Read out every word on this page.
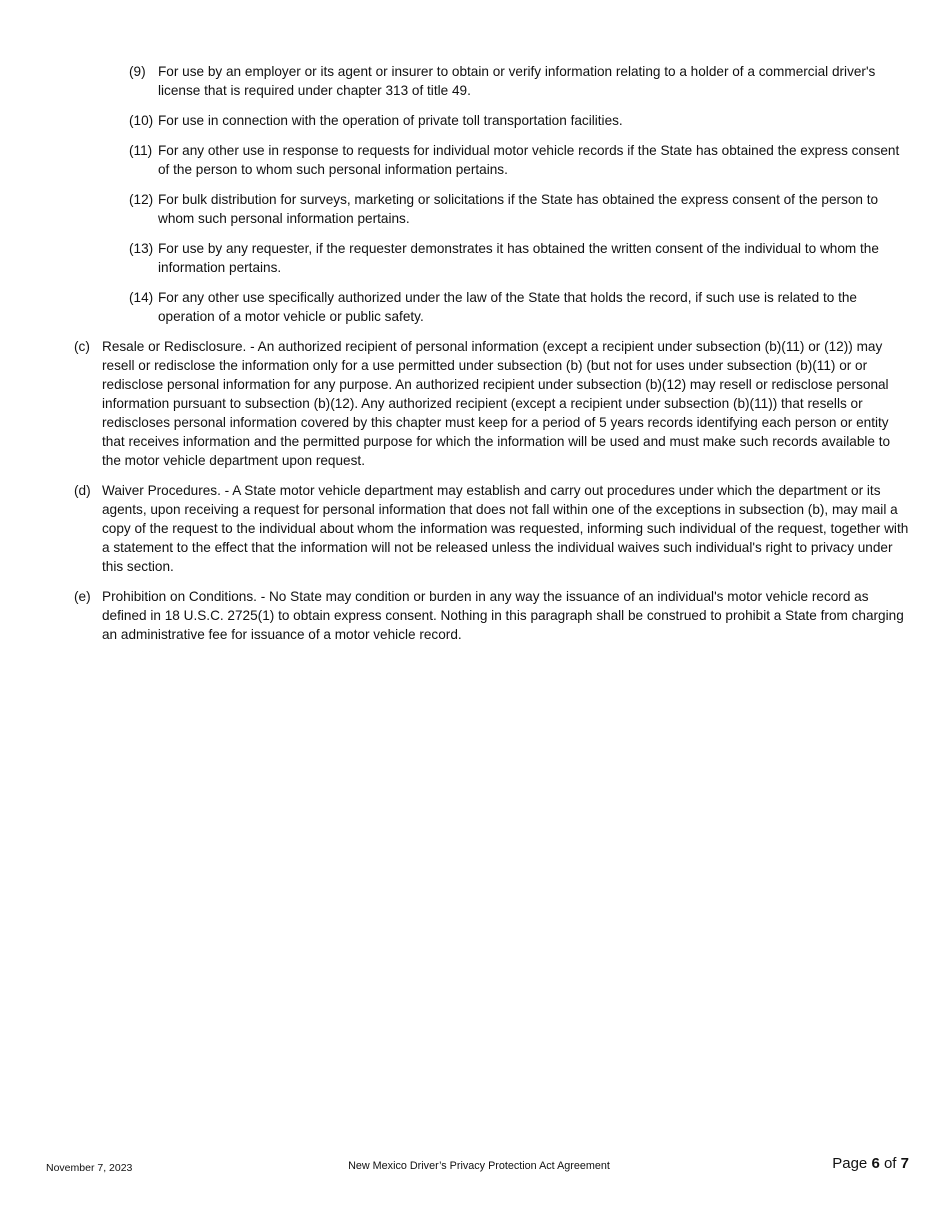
(9) For use by an employer or its agent or insurer to obtain or verify information relating to a holder of a commercial driver's license that is required under chapter 313 of title 49.
(10) For use in connection with the operation of private toll transportation facilities.
(11) For any other use in response to requests for individual motor vehicle records if the State has obtained the express consent of the person to whom such personal information pertains.
(12) For bulk distribution for surveys, marketing or solicitations if the State has obtained the express consent of the person to whom such personal information pertains.
(13) For use by any requester, if the requester demonstrates it has obtained the written consent of the individual to whom the information pertains.
(14) For any other use specifically authorized under the law of the State that holds the record, if such use is related to the operation of a motor vehicle or public safety.
(c) Resale or Redisclosure. - An authorized recipient of personal information (except a recipient under subsection (b)(11) or (12)) may resell or redisclose the information only for a use permitted under subsection (b) (but not for uses under subsection (b)(11) or or redisclose personal information for any purpose. An authorized recipient under subsection (b)(12) may resell or redisclose personal information pursuant to subsection (b)(12). Any authorized recipient (except a recipient under subsection (b)(11)) that resells or rediscloses personal information covered by this chapter must keep for a period of 5 years records identifying each person or entity that receives information and the permitted purpose for which the information will be used and must make such records available to the motor vehicle department upon request.
(d) Waiver Procedures. - A State motor vehicle department may establish and carry out procedures under which the department or its agents, upon receiving a request for personal information that does not fall within one of the exceptions in subsection (b), may mail a copy of the request to the individual about whom the information was requested, informing such individual of the request, together with a statement to the effect that the information will not be released unless the individual waives such individual's right to privacy under this section.
(e) Prohibition on Conditions. - No State may condition or burden in any way the issuance of an individual's motor vehicle record as defined in 18 U.S.C. 2725(1) to obtain express consent. Nothing in this paragraph shall be construed to prohibit a State from charging an administrative fee for issuance of a motor vehicle record.
November 7, 2023	New Mexico Driver’s Privacy Protection Act Agreement	Page 6 of 7
